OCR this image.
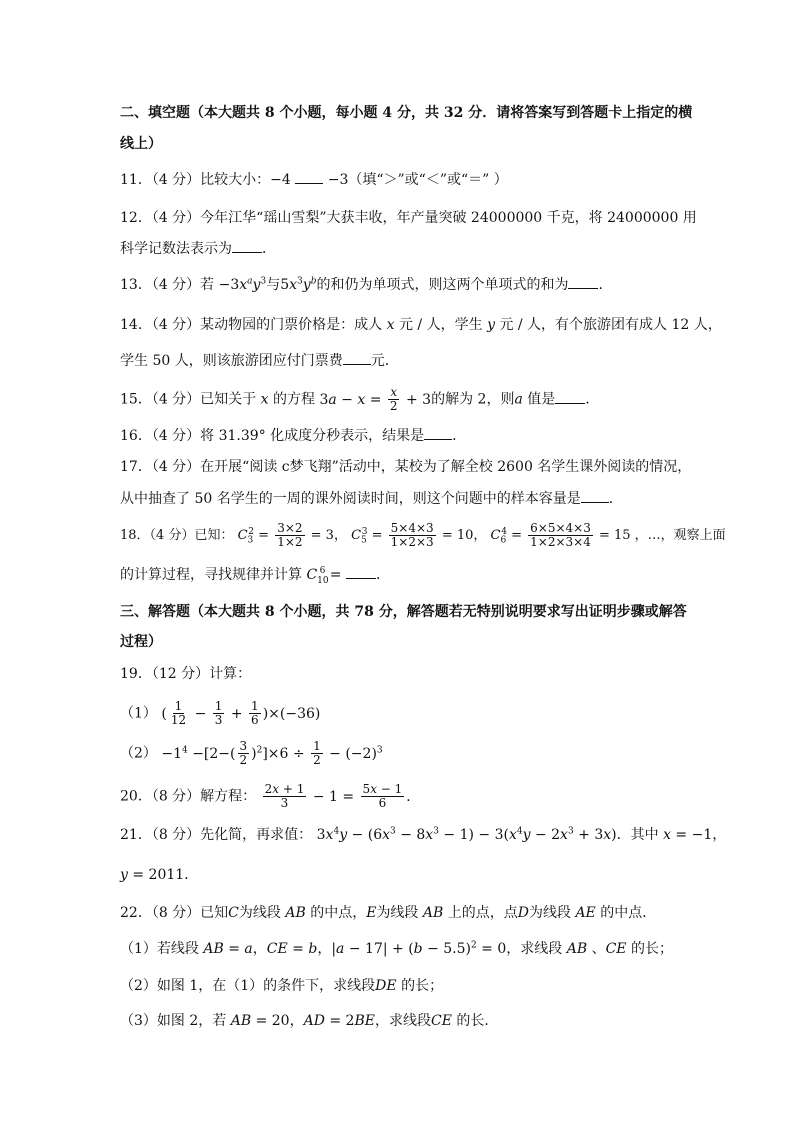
二、填空题（本大题共 8 个小题，每小题 4 分，共 32 分．请将答案写到答题卡上指定的横
线上）
11．（4 分）比较大小：−4	−3（填“＞”或“＜”或“＝” ）
12．（4 分）今年江华“瑶山雪梨”大获丰收，年产量突破 24000000 千克，将 24000000 用
科学记数法表示为 ．
13．（4 分）若 $-3x^ay^3$与$5x^3y^b$的和仍为单项式，则这两个单项式的和为 ．
14．（4 分）某动物园的门票价格是：成人 x 元 / 人，学生 y 元 / 人，有个旅游团有成人 12 人，
学生 50 人，则该旅游团应付门票费 元．
15．（4 分）已知关于 x 的方程 $3a - x = \frac{x}{2} + 3$的解为 2，则a 值是 ．
16．（4 分）将 31.39° 化成度分秒表示，结果是 ．
17．（4 分）在开展“阅读 c梦飞翔”活动中，某校为了解全校 2600 名学生课外阅读的情况，
从中抽查了 50 名学生的一周的课外阅读时间，则这个问题中的样本容量是 ．
18．（4 分）已知： $C_3^2 = \frac{3\times 2}{1\times 2} = 3$， $C_5^3 = \frac{5\times 4\times 3}{1\times 2\times 3} = 10$， $C_6^4 = \frac{6\times 5\times 4\times 3}{1\times 2\times 3\times 4} = 15$ ，…，观察上面
的计算过程，寻找规律并计算 $C_{10}^6$ = ．
三、解答题（本大题共 8 个小题，共 78 分，解答题若无特别说明要求写出证明步骤或解答
过程）
19．（12 分）计算：
（1） ( $\frac{1}{12} - \frac{1}{3} + \frac{1}{6} )\times(-36)$
$(2) -1^4 -[2-( \frac{3}{2} )^2]\times 6 \div \frac{1}{2} - (-2)^3$
20．（8 分）解方程： $\frac{2x + 1}{3} - 1 = \frac{5x - 1}{6}$ ．
21．（8 分）先化简，再求值： $3x^4y - (6x^3 - 8x^3 - 1) - 3(x^4y - 2x^3 + 3x)$．其中 x = −1，
y = 2011．
22．（8 分）已知C为线段 AB 的中点，E为线段 AB 上的点，点D为线段 AE 的中点．
（1）若线段 AB = a，CE = b，$|a - 17| + (b - 5.5)^2 = 0$，求线段 AB 、CE 的长；
（2）如图 1，在（1）的条件下，求线段DE 的长；
（3）如图 2，若 AB = 20，AD = 2BE，求线段CE 的长．
